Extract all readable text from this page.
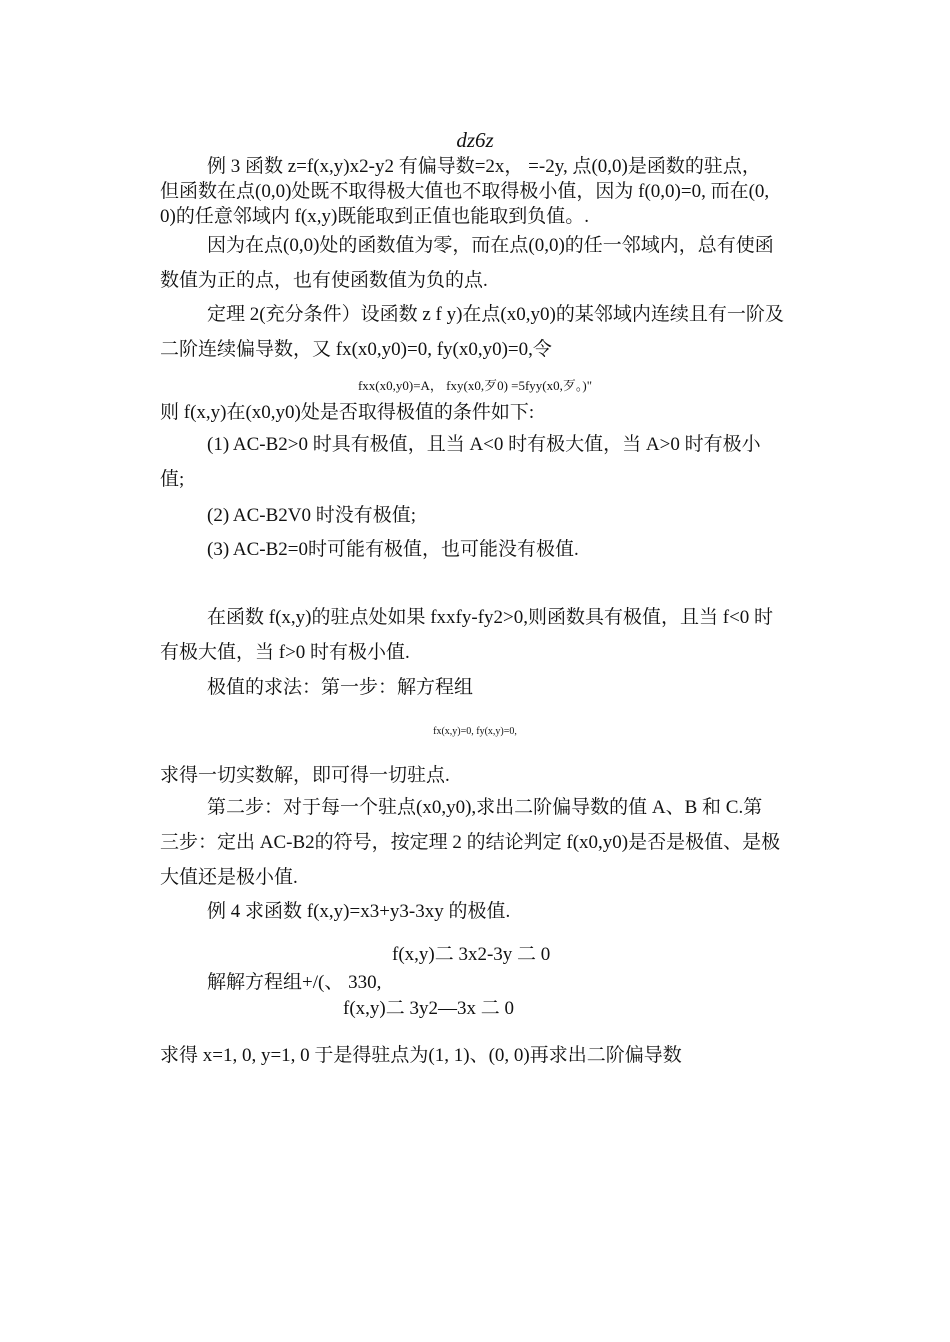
dz6z
例 3 函数 z=f(x,y)x2-y2 有偏导数=2x， =-2y, 点(0,0)是函数的驻点，
但函数在点(0,0)处既不取得极大值也不取得极小值，因为 f(0,0)=0, 而在(0,
0)的任意邻域内 f(x,y)既能取到正值也能取到负值。.
因为在点(0,0)处的函数值为零，而在点(0,0)的任一邻域内，总有使函
数值为正的点，也有使函数值为负的点.
定理 2(充分条件）设函数 z f y)在点(x0,y0)的某邻域内连续且有一阶及
二阶连续偏导数，又 fx(x0,y0)=0, fy(x0,y0)=0,令
fxx(x0,y0)=A， fxy(x0,歹0) =5fyy(x0,歹。)"
则 f(x,y)在(x0,y0)处是否取得极值的条件如下:
(1) AC-B2>0 时具有极值，且当 A<0 时有极大值，当 A>0 时有极小
值;
(2) AC-B2V0 时没有极值;
(3) AC-B2=0时可能有极值，也可能没有极值.
在函数 f(x,y)的驻点处如果 fxxfy-fy2>0,则函数具有极值，且当 f<0 时
有极大值，当 f>0 时有极小值.
极值的求法：第一步：解方程组
fx(x,y)=0, fy(x,y)=0,
求得一切实数解，即可得一切驻点.
第二步：对于每一个驻点(x0,y0),求出二阶偏导数的值 A、B 和 C.第
三步：定出 AC-B2的符号，按定理 2 的结论判定 f(x0,y0)是否是极值、是极
大值还是极小值.
例 4 求函数 f(x,y)=x3+y3-3xy 的极值.
f(x,y)二 3x2-3y 二 0
解解方程组+/(、 330,
f(x,y)二 3y2—3x 二 0
求得 x=1, 0, y=1, 0 于是得驻点为(1, 1)、(0, 0)再求出二阶偏导数
